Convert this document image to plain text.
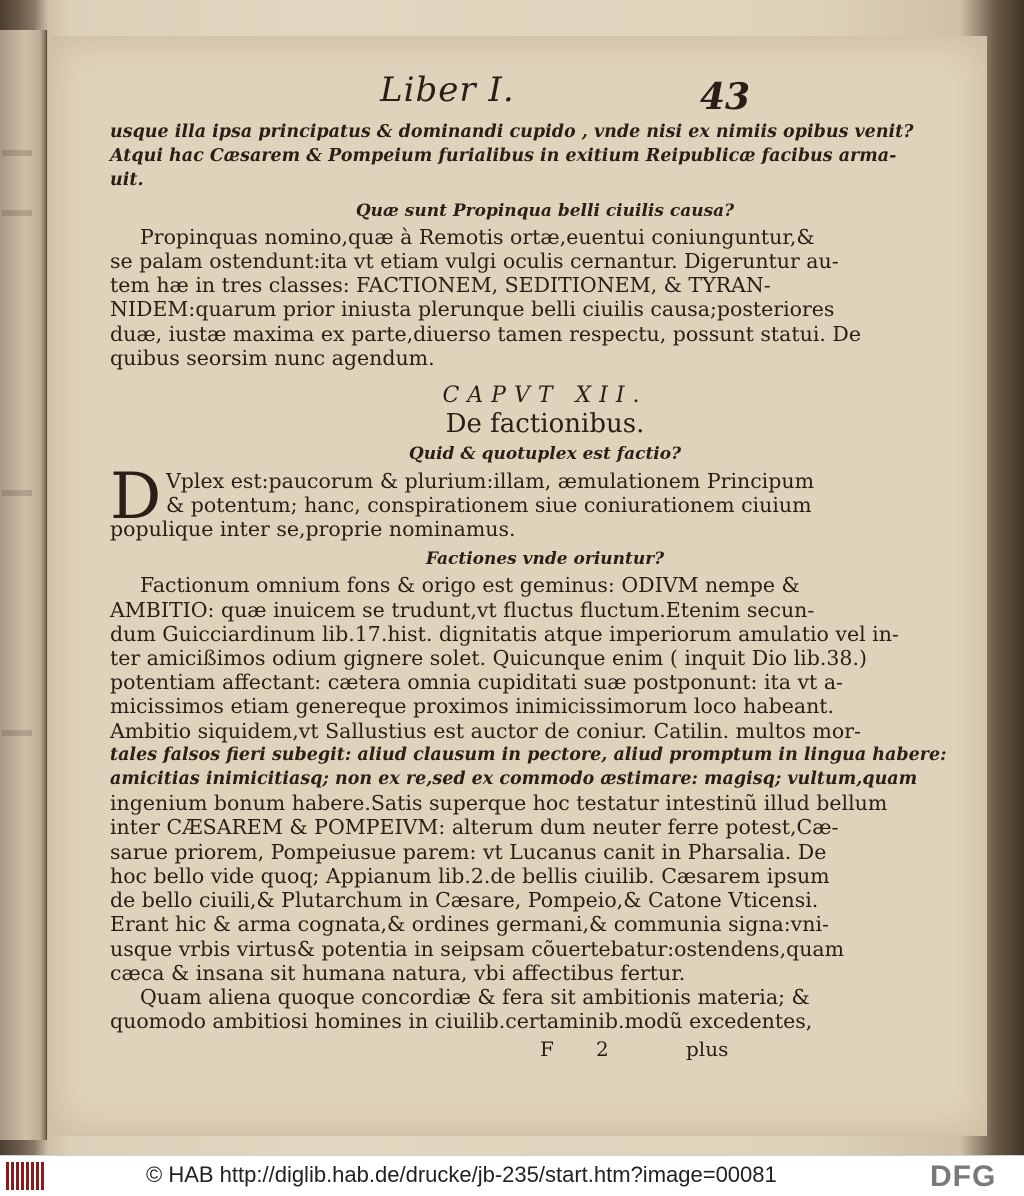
Liber I.	43
usque illa ipsa principatus & dominandi cupido , vnde nisi ex nimiis opibus venit?
Atqui hac Cæsarem & Pompeium furialibus in exitium Reipublicæ facibus arma-
uit.
Quæ sunt Propinqua belli ciuilis causa?
Propinquas nomino,quæ à Remotis ortæ,euentui coniunguntur,&
se palam ostendunt:ita vt etiam vulgi oculis cernantur. Digeruntur au-
tem hæ in tres classes: FACTIONEM, SEDITIONEM, & TYRAN-
NIDEM:quarum prior iniusta plerunque belli ciuilis causa;posteriores
duæ, iustæ maxima ex parte,diuerso tamen respectu, possunt statui. De
quibus seorsim nunc agendum.
CAPVT XII.
De factionibus.
Quid & quotuplex est factio?
D Vplex est:paucorum & plurium:illam, æmulationem Principum
& potentum; hanc, conspirationem siue coniurationem ciuium
populique inter se,proprie nominamus.
Factiones vnde oriuntur?
Factionum omnium fons & origo est geminus: ODIVM nempe &
AMBITIO: quæ inuicem se trudunt,vt fluctus fluctum.Etenim secun-
dum Guicciardinum lib.17.hist. dignitatis atque imperiorum amulatio vel in-
ter amicißimos odium gignere solet. Quicunque enim ( inquit Dio lib.38.)
potentiam affectant: cætera omnia cupiditati suæ postponunt: ita vt a-
micissimos etiam genereque proximos inimicissimorum loco habeant.
Ambitio siquidem,vt Sallustius est auctor de coniur. Catilin. multos mor-
tales falsos fieri subegit: aliud clausum in pectore, aliud promptum in lingua habere:
amicitias inimicitiasq; non ex re,sed ex commodo æstimare: magisq; vultum,quam
ingenium bonum habere.Satis superque hoc testatur intestinũ illud bellum
inter CÆSAREM & POMPEIVM: alterum dum neuter ferre potest,Cæ-
sarue priorem, Pompeiusue parem: vt Lucanus canit in Pharsalia. De
hoc bello vide quoq; Appianum lib.2.de bellis ciuilib. Cæsarem ipsum
de bello ciuili,& Plutarchum in Cæsare, Pompeio,& Catone Vticensi.
Erant hic & arma cognata,& ordines germani,& communia signa:vni-
usque vrbis virtus& potentia in seipsam cõuertebatur:ostendens,quam
cæca & insana sit humana natura, vbi affectibus fertur.
Quam aliena quoque concordiæ & fera sit ambitionis materia; &
quomodo ambitiosi homines in ciuilib.certaminib.modũ excedentes,
F 2	plus
© HAB http://diglib.hab.de/drucke/jb-235/start.htm?image=00081	DFG
